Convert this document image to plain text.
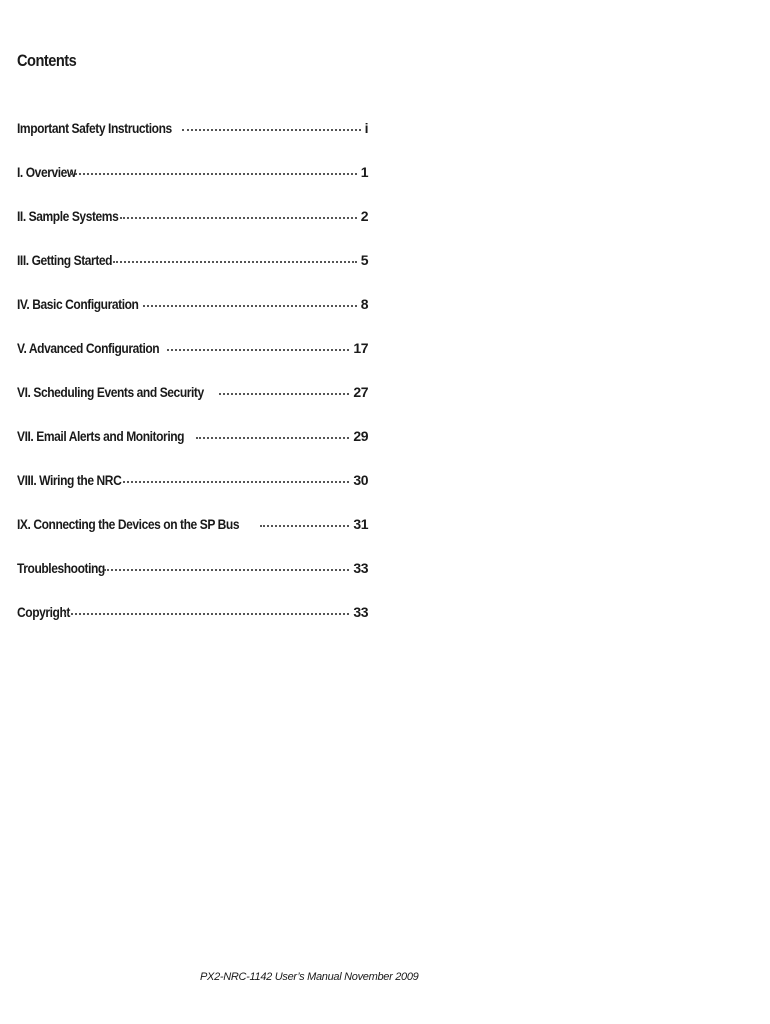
Contents
Important Safety Instructions	i
I. Overview	1
II. Sample Systems	2
III. Getting Started	5
IV. Basic Configuration	8
V. Advanced Configuration	17
VI. Scheduling Events and Security	27
VII. Email Alerts and Monitoring	29
VIII. Wiring the NRC	30
IX. Connecting the Devices on the SP Bus	31
Troubleshooting	33
Copyright	33
PX2-NRC-1142 User’s Manual November 2009
